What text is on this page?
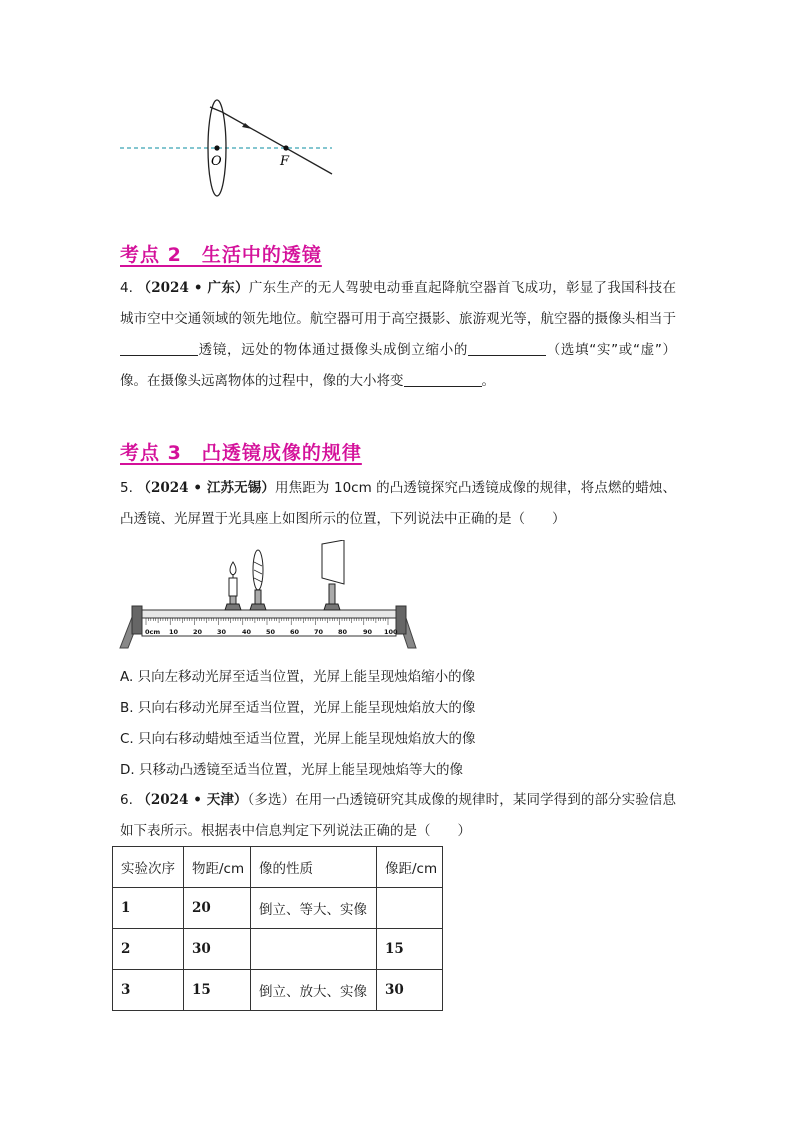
O	F
考点 2　生活中的透镜
4. （2024 • 广东）广东生产的无人驾驶电动垂直起降航空器首飞成功，彰显了我国科技在城市空中交通领域的领先地位。航空器可用于高空摄影、旅游观光等，航空器的摄像头相当于透镜，远处的物体通过摄像头成倒立缩小的	（选填“实”或“虚”）像。在摄像头远离物体的过程中，像的大小将变	。
考点 3　凸透镜成像的规律
5. （2024 • 江苏无锡）用焦距为 10cm 的凸透镜探究凸透镜成像的规律，将点燃的蜡烛、凸透镜、光屏置于光具座上如图所示的位置，下列说法中正确的是（　　）
0cm 10 20 30 40 50 60 70 80 90 100
A. 只向左移动光屏至适当位置，光屏上能呈现烛焰缩小的像
B. 只向右移动光屏至适当位置，光屏上能呈现烛焰放大的像
C. 只向右移动蜡烛至适当位置，光屏上能呈现烛焰放大的像
D. 只移动凸透镜至适当位置，光屏上能呈现烛焰等大的像
6. （2024 • 天津）（多选）在用一凸透镜研究其成像的规律时，某同学得到的部分实验信息如下表所示。根据表中信息判定下列说法正确的是（　　）
实验次序	物距/cm	像的性质	像距/cm
1	20	倒立、等大、实像	
2	30		15
3	15	倒立、放大、实像	30
